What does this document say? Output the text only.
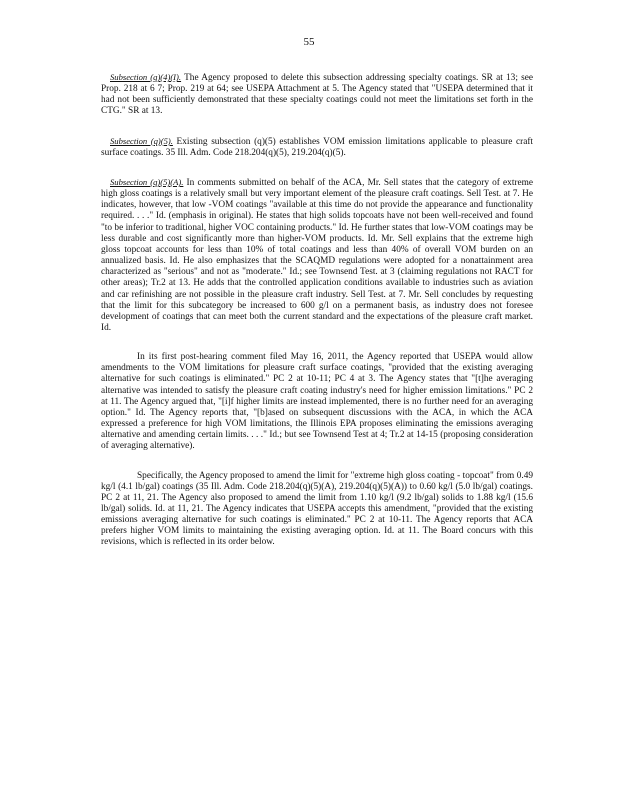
55

Subsection (q)(4)(I). The Agency proposed to delete this subsection addressing specialty coatings. SR at 13; see Prop. 218 at 6 7; Prop. 219 at 64; see USEPA Attachment at 5. The Agency stated that "USEPA determined that it had not been sufficiently demonstrated that these specialty coatings could not meet the limitations set forth in the CTG." SR at 13.

Subsection (q)(5). Existing subsection (q)(5) establishes VOM emission limitations applicable to pleasure craft surface coatings. 35 Ill. Adm. Code 218.204(q)(5), 219.204(q)(5).

Subsection (q)(5)(A). In comments submitted on behalf of the ACA, Mr. Sell states that the category of extreme high gloss coatings is a relatively small but very important element of the pleasure craft coatings. Sell Test. at 7. He indicates, however, that low -VOM coatings "available at this time do not provide the appearance and functionality required. . . ." Id. (emphasis in original). He states that high solids topcoats have not been well-received and found "to be inferior to traditional, higher VOC containing products." Id. He further states that low-VOM coatings may be less durable and cost significantly more than higher-VOM products. Id. Mr. Sell explains that the extreme high gloss topcoat accounts for less than 10% of total coatings and less than 40% of overall VOM burden on an annualized basis. Id. He also emphasizes that the SCAQMD regulations were adopted for a nonattainment area characterized as "serious" and not as "moderate." Id.; see Townsend Test. at 3 (claiming regulations not RACT for other areas); Tr.2 at 13. He adds that the controlled application conditions available to industries such as aviation and car refinishing are not possible in the pleasure craft industry. Sell Test. at 7. Mr. Sell concludes by requesting that the limit for this subcategory be increased to 600 g/l on a permanent basis, as industry does not foresee development of coatings that can meet both the current standard and the expectations of the pleasure craft market. Id.

In its first post-hearing comment filed May 16, 2011, the Agency reported that USEPA would allow amendments to the VOM limitations for pleasure craft surface coatings, "provided that the existing averaging alternative for such coatings is eliminated." PC 2 at 10-11; PC 4 at 3. The Agency states that "[t]he averaging alternative was intended to satisfy the pleasure craft coating industry's need for higher emission limitations." PC 2 at 11. The Agency argued that, "[i]f higher limits are instead implemented, there is no further need for an averaging option." Id. The Agency reports that, "[b]ased on subsequent discussions with the ACA, in which the ACA expressed a preference for high VOM limitations, the Illinois EPA proposes eliminating the emissions averaging alternative and amending certain limits. . . ." Id.; but see Townsend Test at 4; Tr.2 at 14-15 (proposing consideration of averaging alternative).

Specifically, the Agency proposed to amend the limit for "extreme high gloss coating - topcoat" from 0.49 kg/l (4.1 lb/gal) coatings (35 Ill. Adm. Code 218.204(q)(5)(A), 219.204(q)(5)(A)) to 0.60 kg/l (5.0 lb/gal) coatings. PC 2 at 11, 21. The Agency also proposed to amend the limit from 1.10 kg/l (9.2 lb/gal) solids to 1.88 kg/l (15.6 lb/gal) solids. Id. at 11, 21. The Agency indicates that USEPA accepts this amendment, "provided that the existing emissions averaging alternative for such coatings is eliminated." PC 2 at 10-11. The Agency reports that ACA prefers higher VOM limits to maintaining the existing averaging option. Id. at 11. The Board concurs with this revisions, which is reflected in its order below.
